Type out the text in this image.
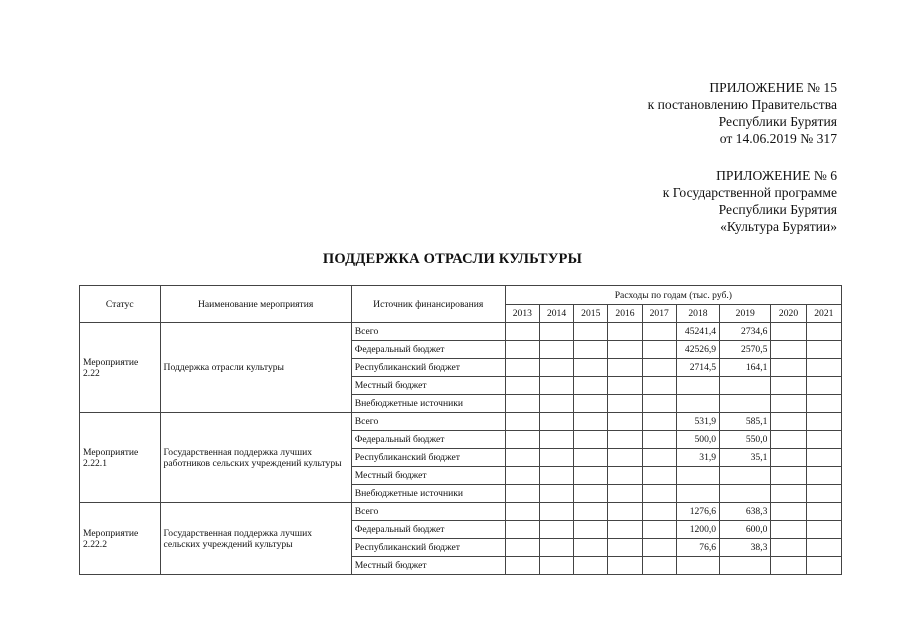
ПРИЛОЖЕНИЕ № 15
к постановлению Правительства
Республики Бурятия
от 14.06.2019 № 317
ПРИЛОЖЕНИЕ № 6
к Государственной программе
Республики Бурятия
«Культура Бурятии»
ПОДДЕРЖКА ОТРАСЛИ КУЛЬТУРЫ
Статус	Наименование мероприятия	Источник финансирования	Расходы по годам (тыс. руб.)								
			2013	2014	2015	2016	2017	2018	2019	2020	2021
Мероприятие 2.22	Поддержка отрасли культуры	Всего						45241,4	2734,6		
		Федеральный бюджет						42526,9	2570,5		
		Республиканский бюджет						2714,5	164,1		
		Местный бюджет									
		Внебюджетные источники									
Мероприятие 2.22.1	Государственная поддержка лучших работников сельских учреждений культуры	Всего						531,9	585,1		
		Федеральный бюджет						500,0	550,0		
		Республиканский бюджет						31,9	35,1		
		Местный бюджет									
		Внебюджетные источники									
Мероприятие 2.22.2	Государственная поддержка лучших сельских учреждений культуры	Всего						1276,6	638,3		
		Федеральный бюджет						1200,0	600,0		
		Республиканский бюджет						76,6	38,3		
		Местный бюджет									
